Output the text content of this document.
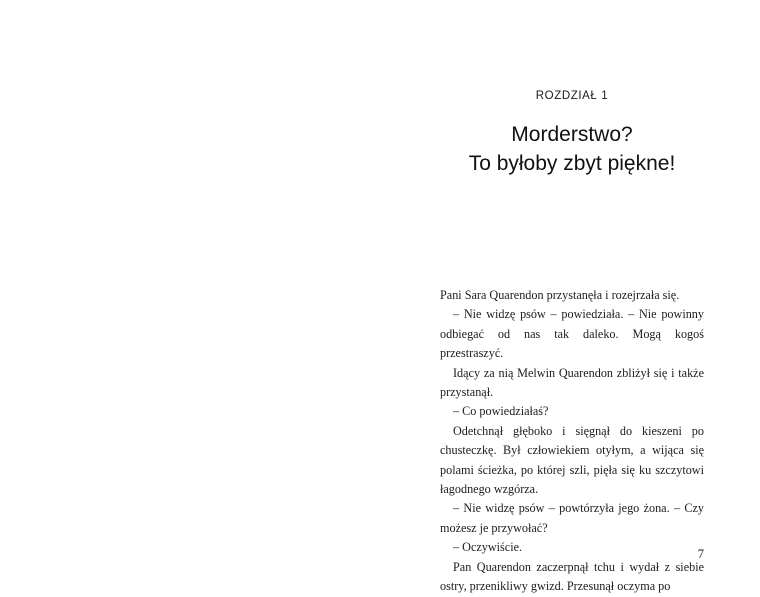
ROZDZIAŁ 1
Morderstwo?
To byłoby zbyt piękne!

Pani Sara Quarendon przystanęła i rozejrzała się.

– Nie widzę psów – powiedziała. – Nie powinny odbiegać od nas tak daleko. Mogą kogoś przestraszyć.

Idący za nią Melwin Quarendon zbliżył się i także przystanął.

– Co powiedziałaś?

Odetchnął głęboko i sięgnął do kieszeni po chusteczkę. Był człowiekiem otyłym, a wijąca się polami ścieżka, po której szli, pięła się ku szczytowi łagodnego wzgórza.

– Nie widzę psów – powtórzyła jego żona. – Czy możesz je przywołać?

– Oczywiście.

Pan Quarendon zaczerpnął tchu i wydał z siebie ostry, przenikliwy gwizd. Przesunął oczyma po

7
